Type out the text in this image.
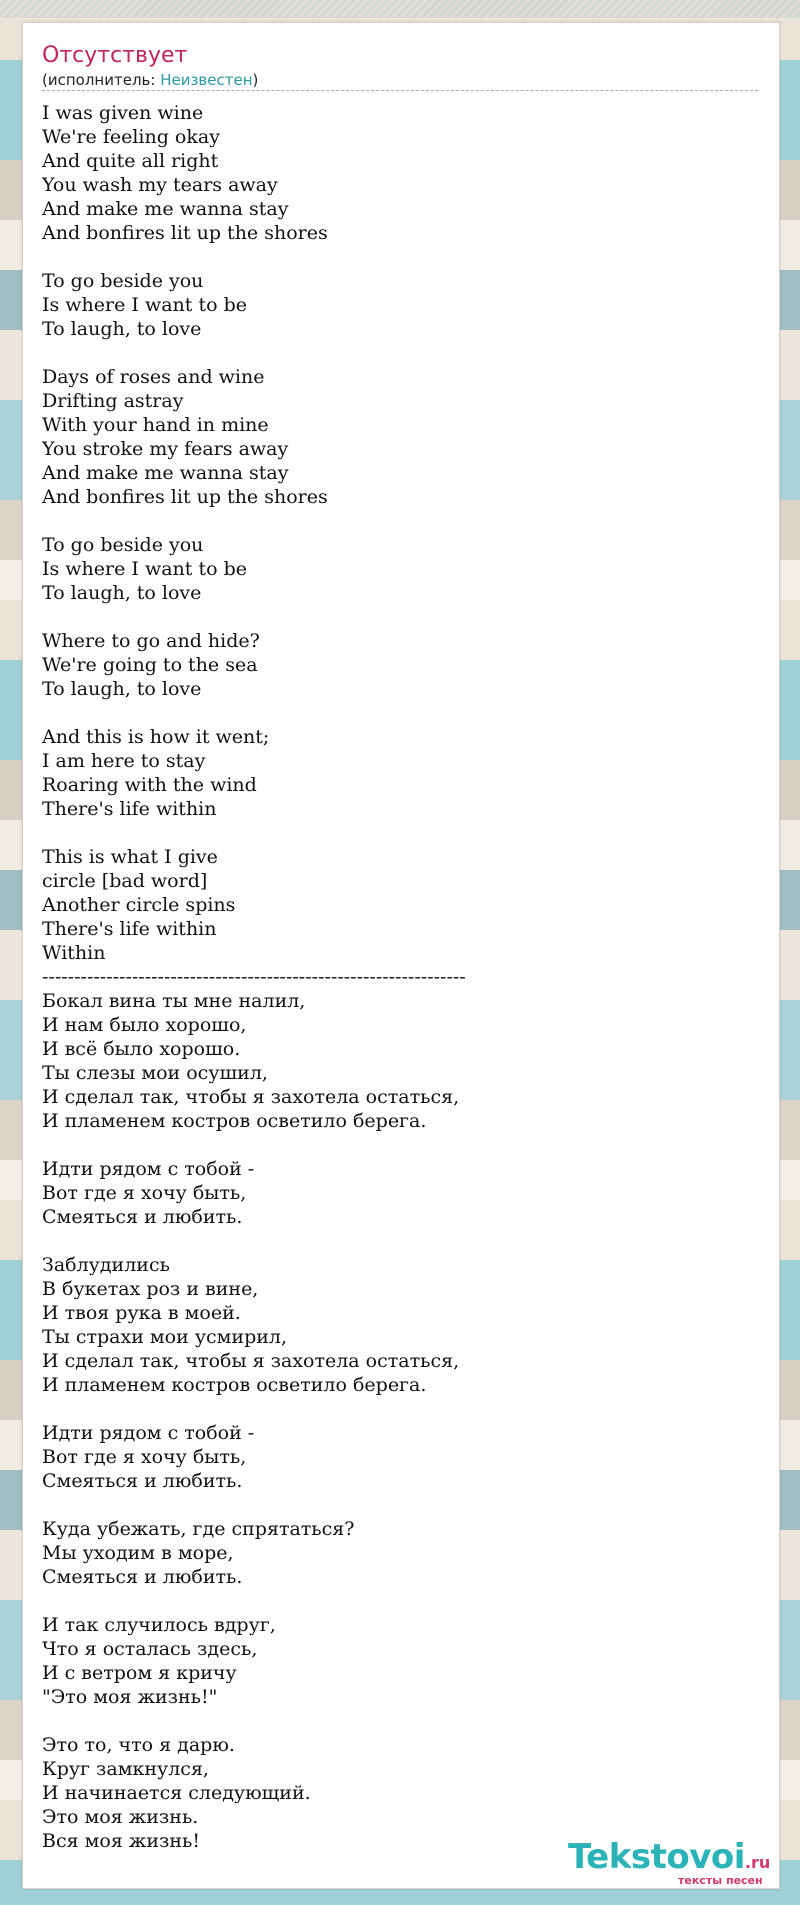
Отсутствует
(исполнитель: Неизвестен)
I was given wine
We're feeling okay
And quite all right
You wash my tears away
And make me wanna stay
And bonfires lit up the shores
To go beside you
Is where I want to be
To laugh, to love
Days of roses and wine
Drifting astray
With your hand in mine
You stroke my fears away
And make me wanna stay
And bonfires lit up the shores
To go beside you
Is where I want to be
To laugh, to love
Where to go and hide?
We're going to the sea
To laugh, to love
And this is how it went;
I am here to stay
Roaring with the wind
There's life within
This is what I give
circle [bad word]
Another circle spins
There's life within
Within
------------------------------------------------------------------
Бокал вина ты мне налил,
И нам было хорошо,
И всё было хорошо.
Ты слезы мои осушил,
И сделал так, чтобы я захотела остаться,
И пламенем костров осветило берега.
Идти рядом с тобой -
Вот где я хочу быть,
Смеяться и любить.
Заблудились
В букетах роз и вине,
И твоя рука в моей.
Ты страхи мои усмирил,
И сделал так, чтобы я захотела остаться,
И пламенем костров осветило берега.
Идти рядом с тобой -
Вот где я хочу быть,
Смеяться и любить.
Куда убежать, где спрятаться?
Мы уходим в море,
Смеяться и любить.
И так случилось вдруг,
Что я осталась здесь,
И с ветром я кричу
"Это моя жизнь!"
Это то, что я дарю.
Круг замкнулся,
И начинается следующий.
Это моя жизнь.
Вся моя жизнь!	Tekstovoi.ru
тексты песен
